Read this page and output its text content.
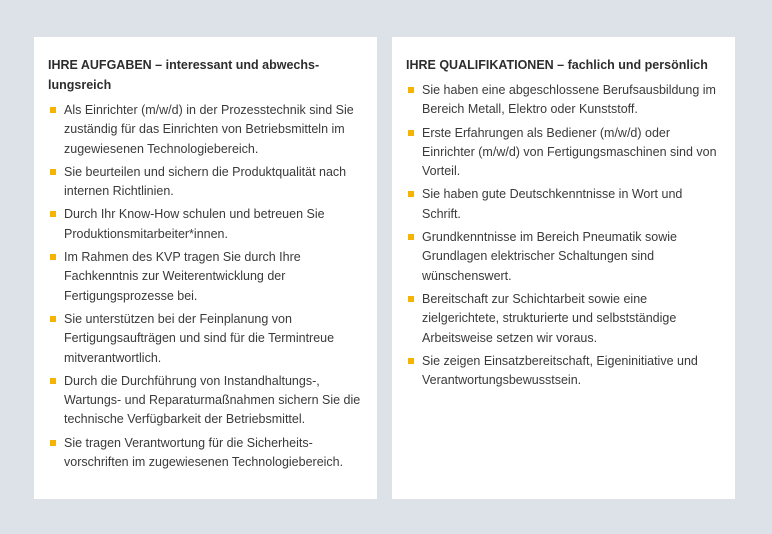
IHRE AUFGABEN – interessant und abwechs-lungsreich
Als Einrichter (m/w/d) in der Prozesstechnik sind Sie zuständig für das Einrichten von Betriebsmitteln im zugewiesenen Technologiebereich.
Sie beurteilen und sichern die Produktqualität nach internen Richtlinien.
Durch Ihr Know-How schulen und betreuen Sie Produktionsmitarbeiter*innen.
Im Rahmen des KVP tragen Sie durch Ihre Fachkenntnis zur Weiterentwicklung der Fertigungsprozesse bei.
Sie unterstützen bei der Feinplanung von Fertigungsaufträgen und sind für die Termintreue mitverantwortlich.
Durch die Durchführung von Instandhaltungs-, Wartungs- und Reparaturmaßnahmen sichern Sie die technische Verfügbarkeit der Betriebsmittel.
Sie tragen Verantwortung für die Sicherheits-vorschriften im zugewiesenen Technologiebereich.
IHRE QUALIFIKATIONEN – fachlich und persönlich
Sie haben eine abgeschlossene Berufsausbildung im Bereich Metall, Elektro oder Kunststoff.
Erste Erfahrungen als Bediener (m/w/d) oder Einrichter (m/w/d) von Fertigungsmaschinen sind von Vorteil.
Sie haben gute Deutschkenntnisse in Wort und Schrift.
Grundkenntnisse im Bereich Pneumatik sowie Grundlagen elektrischer Schaltungen sind wünschenswert.
Bereitschaft zur Schichtarbeit sowie eine zielgerichtete, strukturierte und selbstständige Arbeitsweise setzen wir voraus.
Sie zeigen Einsatzbereitschaft, Eigeninitiative und Verantwortungsbewusstsein.
